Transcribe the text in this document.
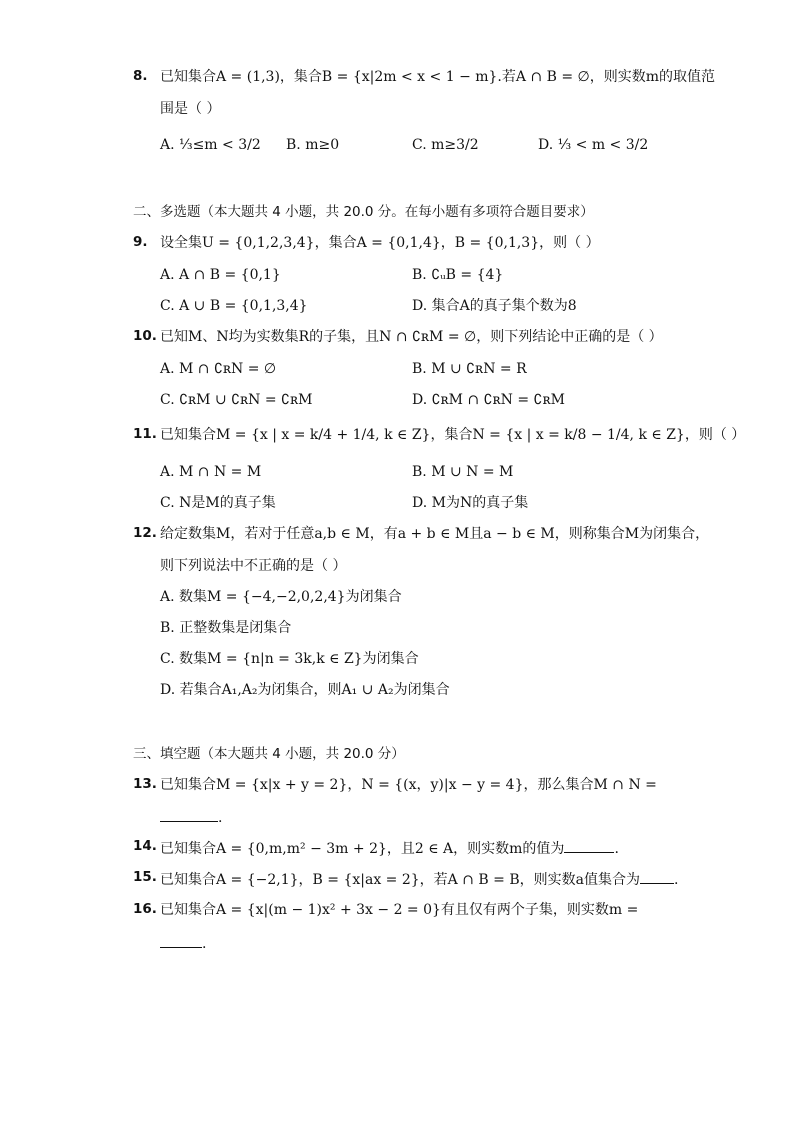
8. 已知集合A = (1,3)，集合B = {x|2m < x < 1 − m}.若A ∩ B = ∅，则实数m的取值范
围是（ ）
A. ⅓≤m < 3/2 B. m≥0	C. m≥3/2	D. ⅓ < m < 3/2
二、多选题（本大题共 4 小题，共 20.0 分。在每小题有多项符合题目要求）
9. 设全集U = {0,1,2,3,4}，集合A = {0,1,4}，B = {0,1,3}，则（ ）
A. A ∩ B = {0,1}	B. ∁ᵤB = {4}
C. A ∪ B = {0,1,3,4}	D. 集合A的真子集个数为8
10. 已知M、N均为实数集R的子集，且N ∩ ∁ʀM = ∅，则下列结论中正确的是（ ）
A. M ∩ ∁ʀN = ∅	B. M ∪ ∁ʀN = R
C. ∁ʀM ∪ ∁ʀN = ∁ʀM	D. ∁ʀM ∩ ∁ʀN = ∁ʀM
11. 已知集合M = {x | x = k/4 + 1/4, k ∈ Z}，集合N = {x | x = k/8 − 1/4, k ∈ Z}，则（ ）
A. M ∩ N = M	B. M ∪ N = M
C. N是M的真子集	D. M为N的真子集
12. 给定数集M，若对于任意a,b ∈ M，有a + b ∈ M且a − b ∈ M，则称集合M为闭集合，
则下列说法中不正确的是（ ）
A. 数集M = {−4,−2,0,2,4}为闭集合
B. 正整数集是闭集合
C. 数集M = {n|n = 3k,k ∈ Z}为闭集合
D. 若集合A₁,A₂为闭集合，则A₁ ∪ A₂为闭集合
三、填空题（本大题共 4 小题，共 20.0 分）
13. 已知集合M = {x|x + y = 2}，N = {(x，y)|x − y = 4}，那么集合M ∩ N =
.
14. 已知集合A = {0,m,m² − 3m + 2}，且2 ∈ A，则实数m的值为	.
15. 已知集合A = {−2,1}，B = {x|ax = 2}，若A ∩ B = B，则实数a值集合为 .
16. 已知集合A = {x|(m − 1)x² + 3x − 2 = 0}有且仅有两个子集，则实数m =
.
